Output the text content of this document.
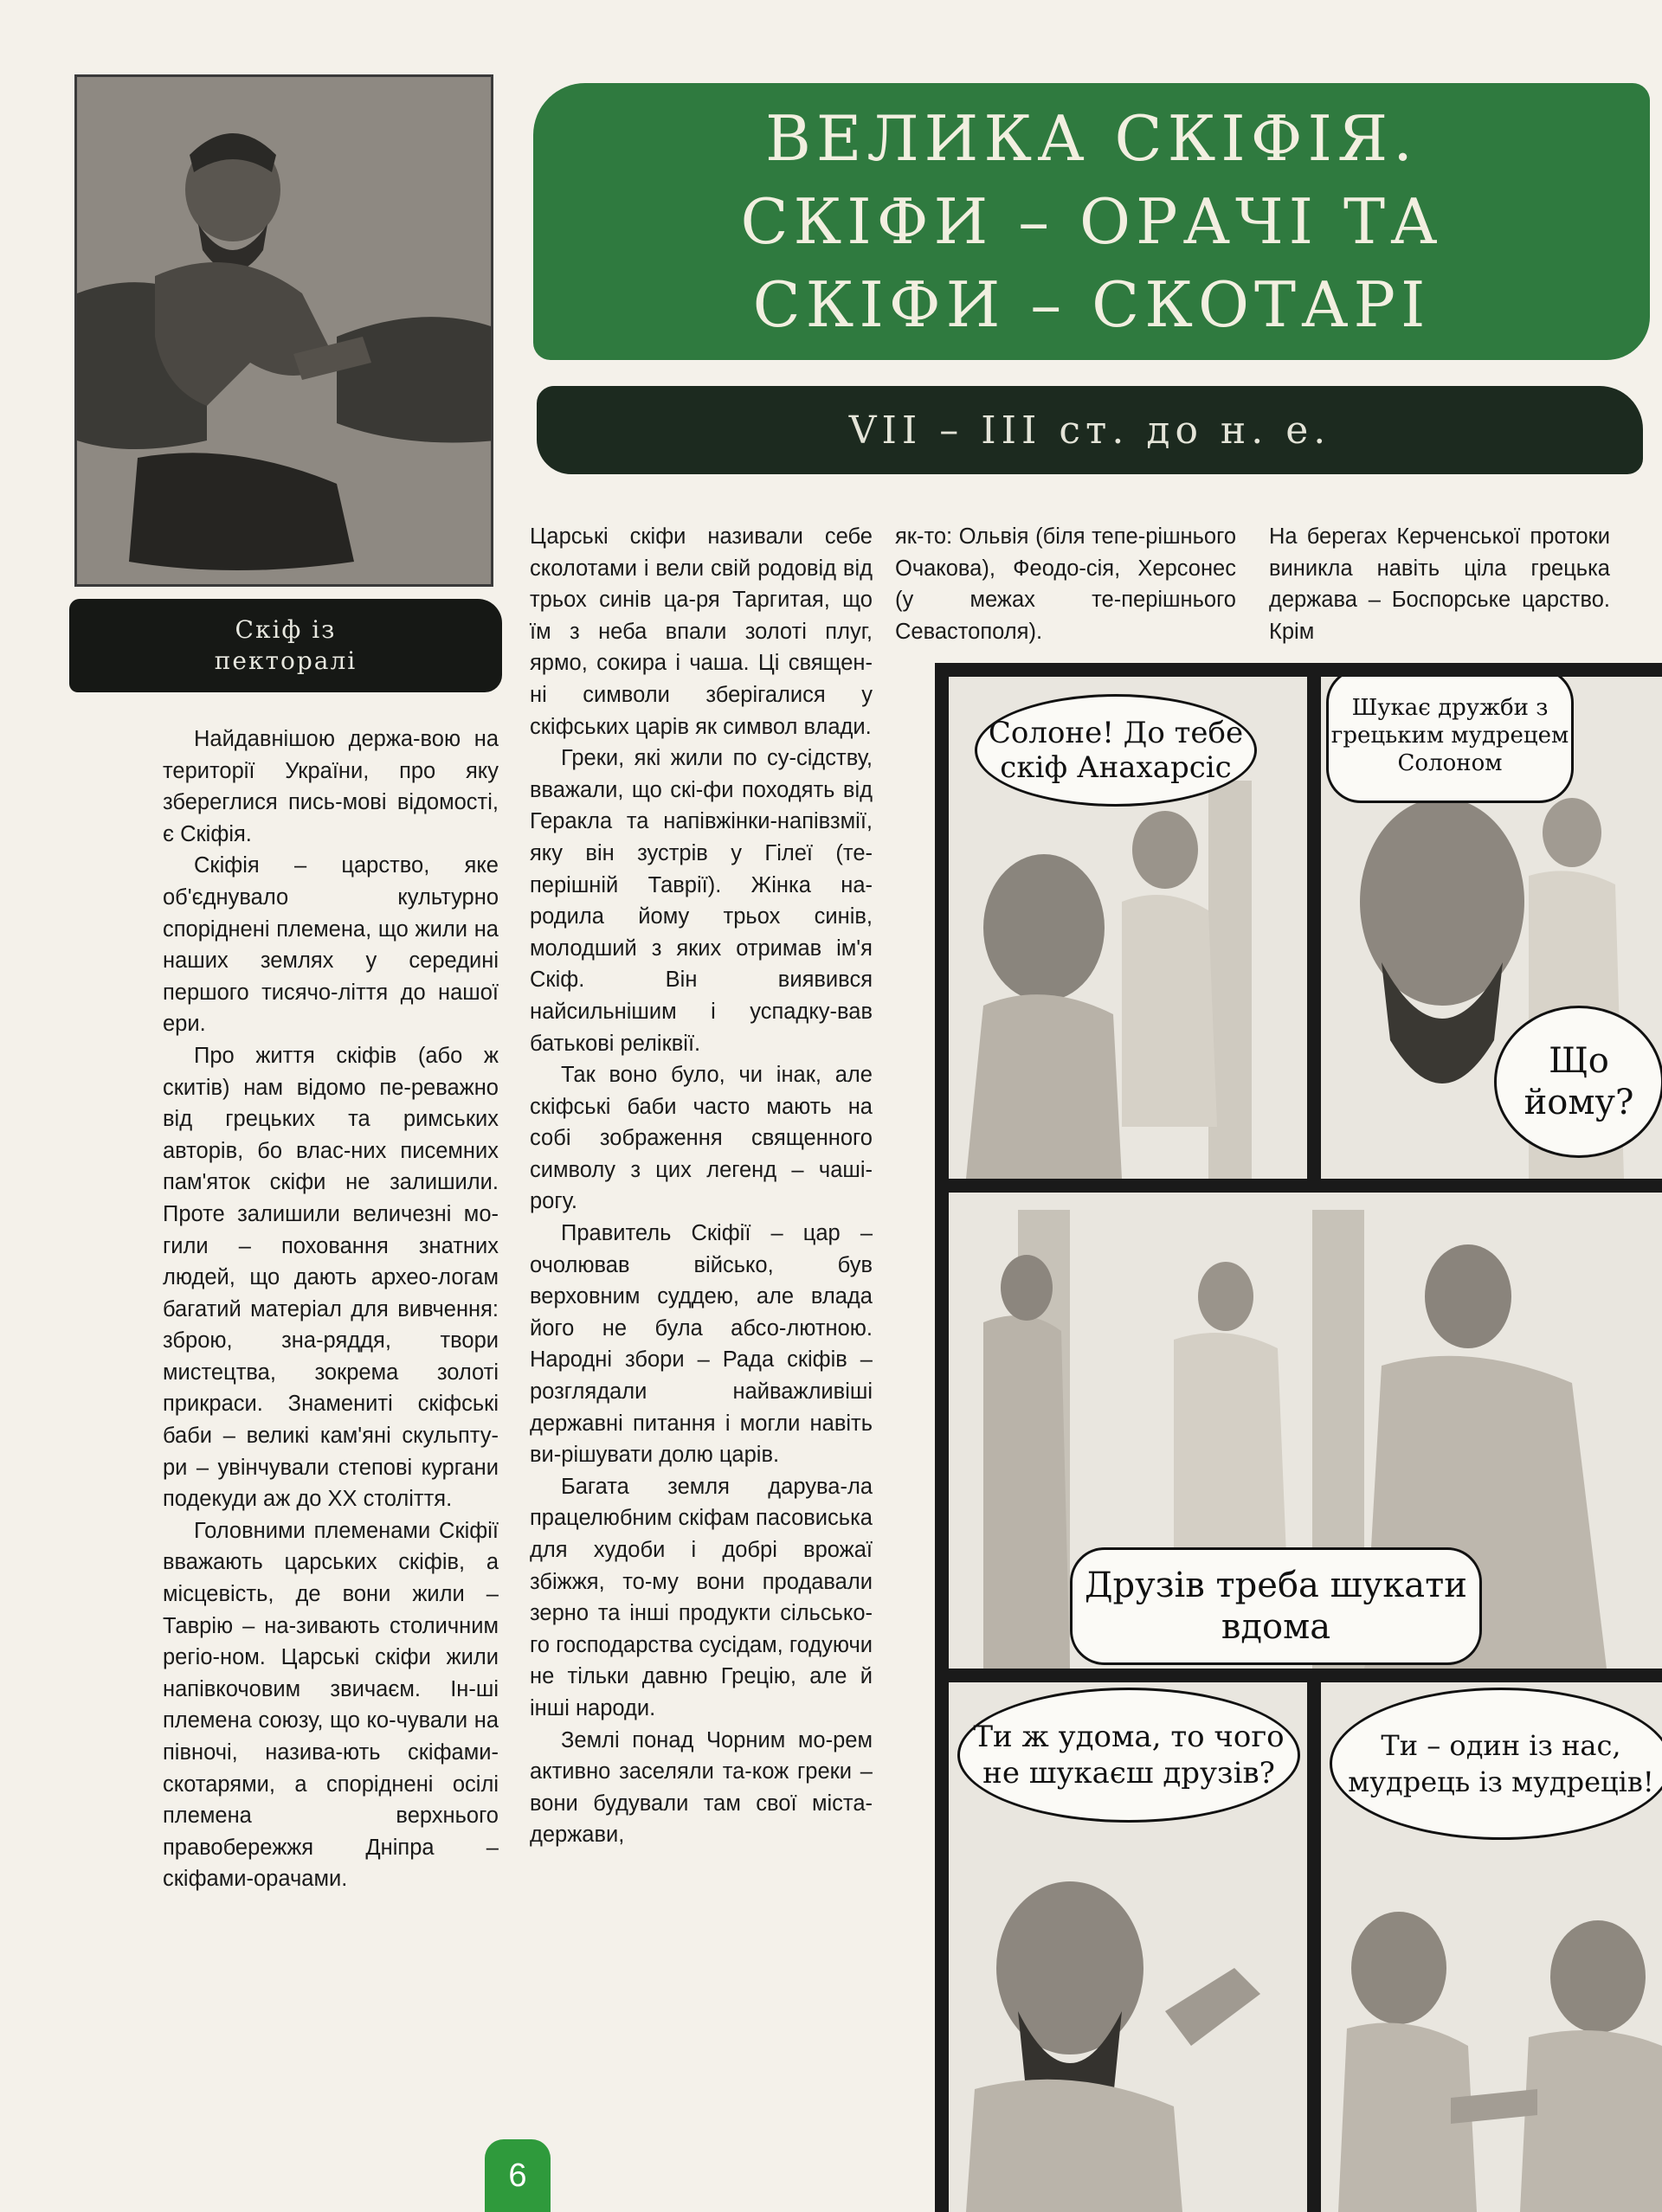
Скіф із
пекторалі
ВЕЛИКА СКІФІЯ.
СКІФИ – ОРАЧІ ТА
СКІФИ – СКОТАРІ
VII – III ст. до н. е.

Найдавнішою держа-вою на території України, про яку збереглися пись-мові відомості, є Скіфія.

Скіфія – царство, яке об'єднувало культурно споріднені племена, що жили на наших землях у середині першого тисячо-ліття до нашої ери.

Про життя скіфів (або ж скитів) нам відомо пе-реважно від грецьких та римських авторів, бо влас-них писемних пам'яток скіфи не залишили. Проте залишили величезні мо-гили – поховання знатних людей, що дають архео-логам багатий матеріал для вивчення: зброю, зна-ряддя, твори мистецтва, зокрема золоті прикраси. Знамениті скіфські баби – великі кам'яні скульпту-ри – увінчували степові кургани подекуди аж до XX століття.

Головними племенами Скіфії вважають царських скіфів, а місцевість, де вони жили – Таврію – на-зивають столичним регіо-ном. Царські скіфи жили напівкочовим звичаєм. Ін-ші племена союзу, що ко-чували на півночі, назива-ють скіфами-скотарями, а споріднені осілі племена верхнього правобережжя Дніпра – скіфами-орачами.

Царські скіфи називали себе сколотами і вели свій родовід від трьох синів ца-ря Таргитая, що їм з неба впали золоті плуг, ярмо, сокира і чаша. Ці священ-ні символи зберігалися у скіфських царів як символ влади.

Греки, які жили по су-сідству, вважали, що скі-фи походять від Геракла та напівжінки-напівзмії, яку він зустрів у Гілеї (те-перішній Таврії). Жінка на-родила йому трьох синів, молодший з яких отримав ім'я Скіф. Він виявився найсильнішим і успадку-вав батькові реліквії.

Так воно було, чи інак, але скіфські баби часто мають на собі зображення священного символу з цих легенд – чаші-рогу.

Правитель Скіфії – цар – очолював військо, був верховним суддею, але влада його не була абсо-лютною. Народні збори – Рада скіфів – розглядали найважливіші державні питання і могли навіть ви-рішувати долю царів.

Багата земля дарува-ла працелюбним скіфам пасовиська для худоби і добрі врожаї збіжжя, то-му вони продавали зерно та інші продукти сільсько-го господарства сусідам, годуючи не тільки давню Грецію, але й інші народи.

Землі понад Чорним мо-рем активно заселяли та-кож греки – вони будували там свої міста-держави,

як-то: Ольвія (біля тепе-рішнього Очакова), Феодо-сія, Херсонес (у межах те-перішнього Севастополя).

На берегах Керченської протоки виникла навіть ціла грецька держава – Боспорське царство. Крім

Солоне! До тебе скіф Анахарсіс
Шукає дружби з грецьким мудрецем Солоном
Що йому?
Друзів треба шукати вдома
Ти ж удома, то чого не шукаєш друзів?
Ти – один із нас, мудрець із мудреців!
6
